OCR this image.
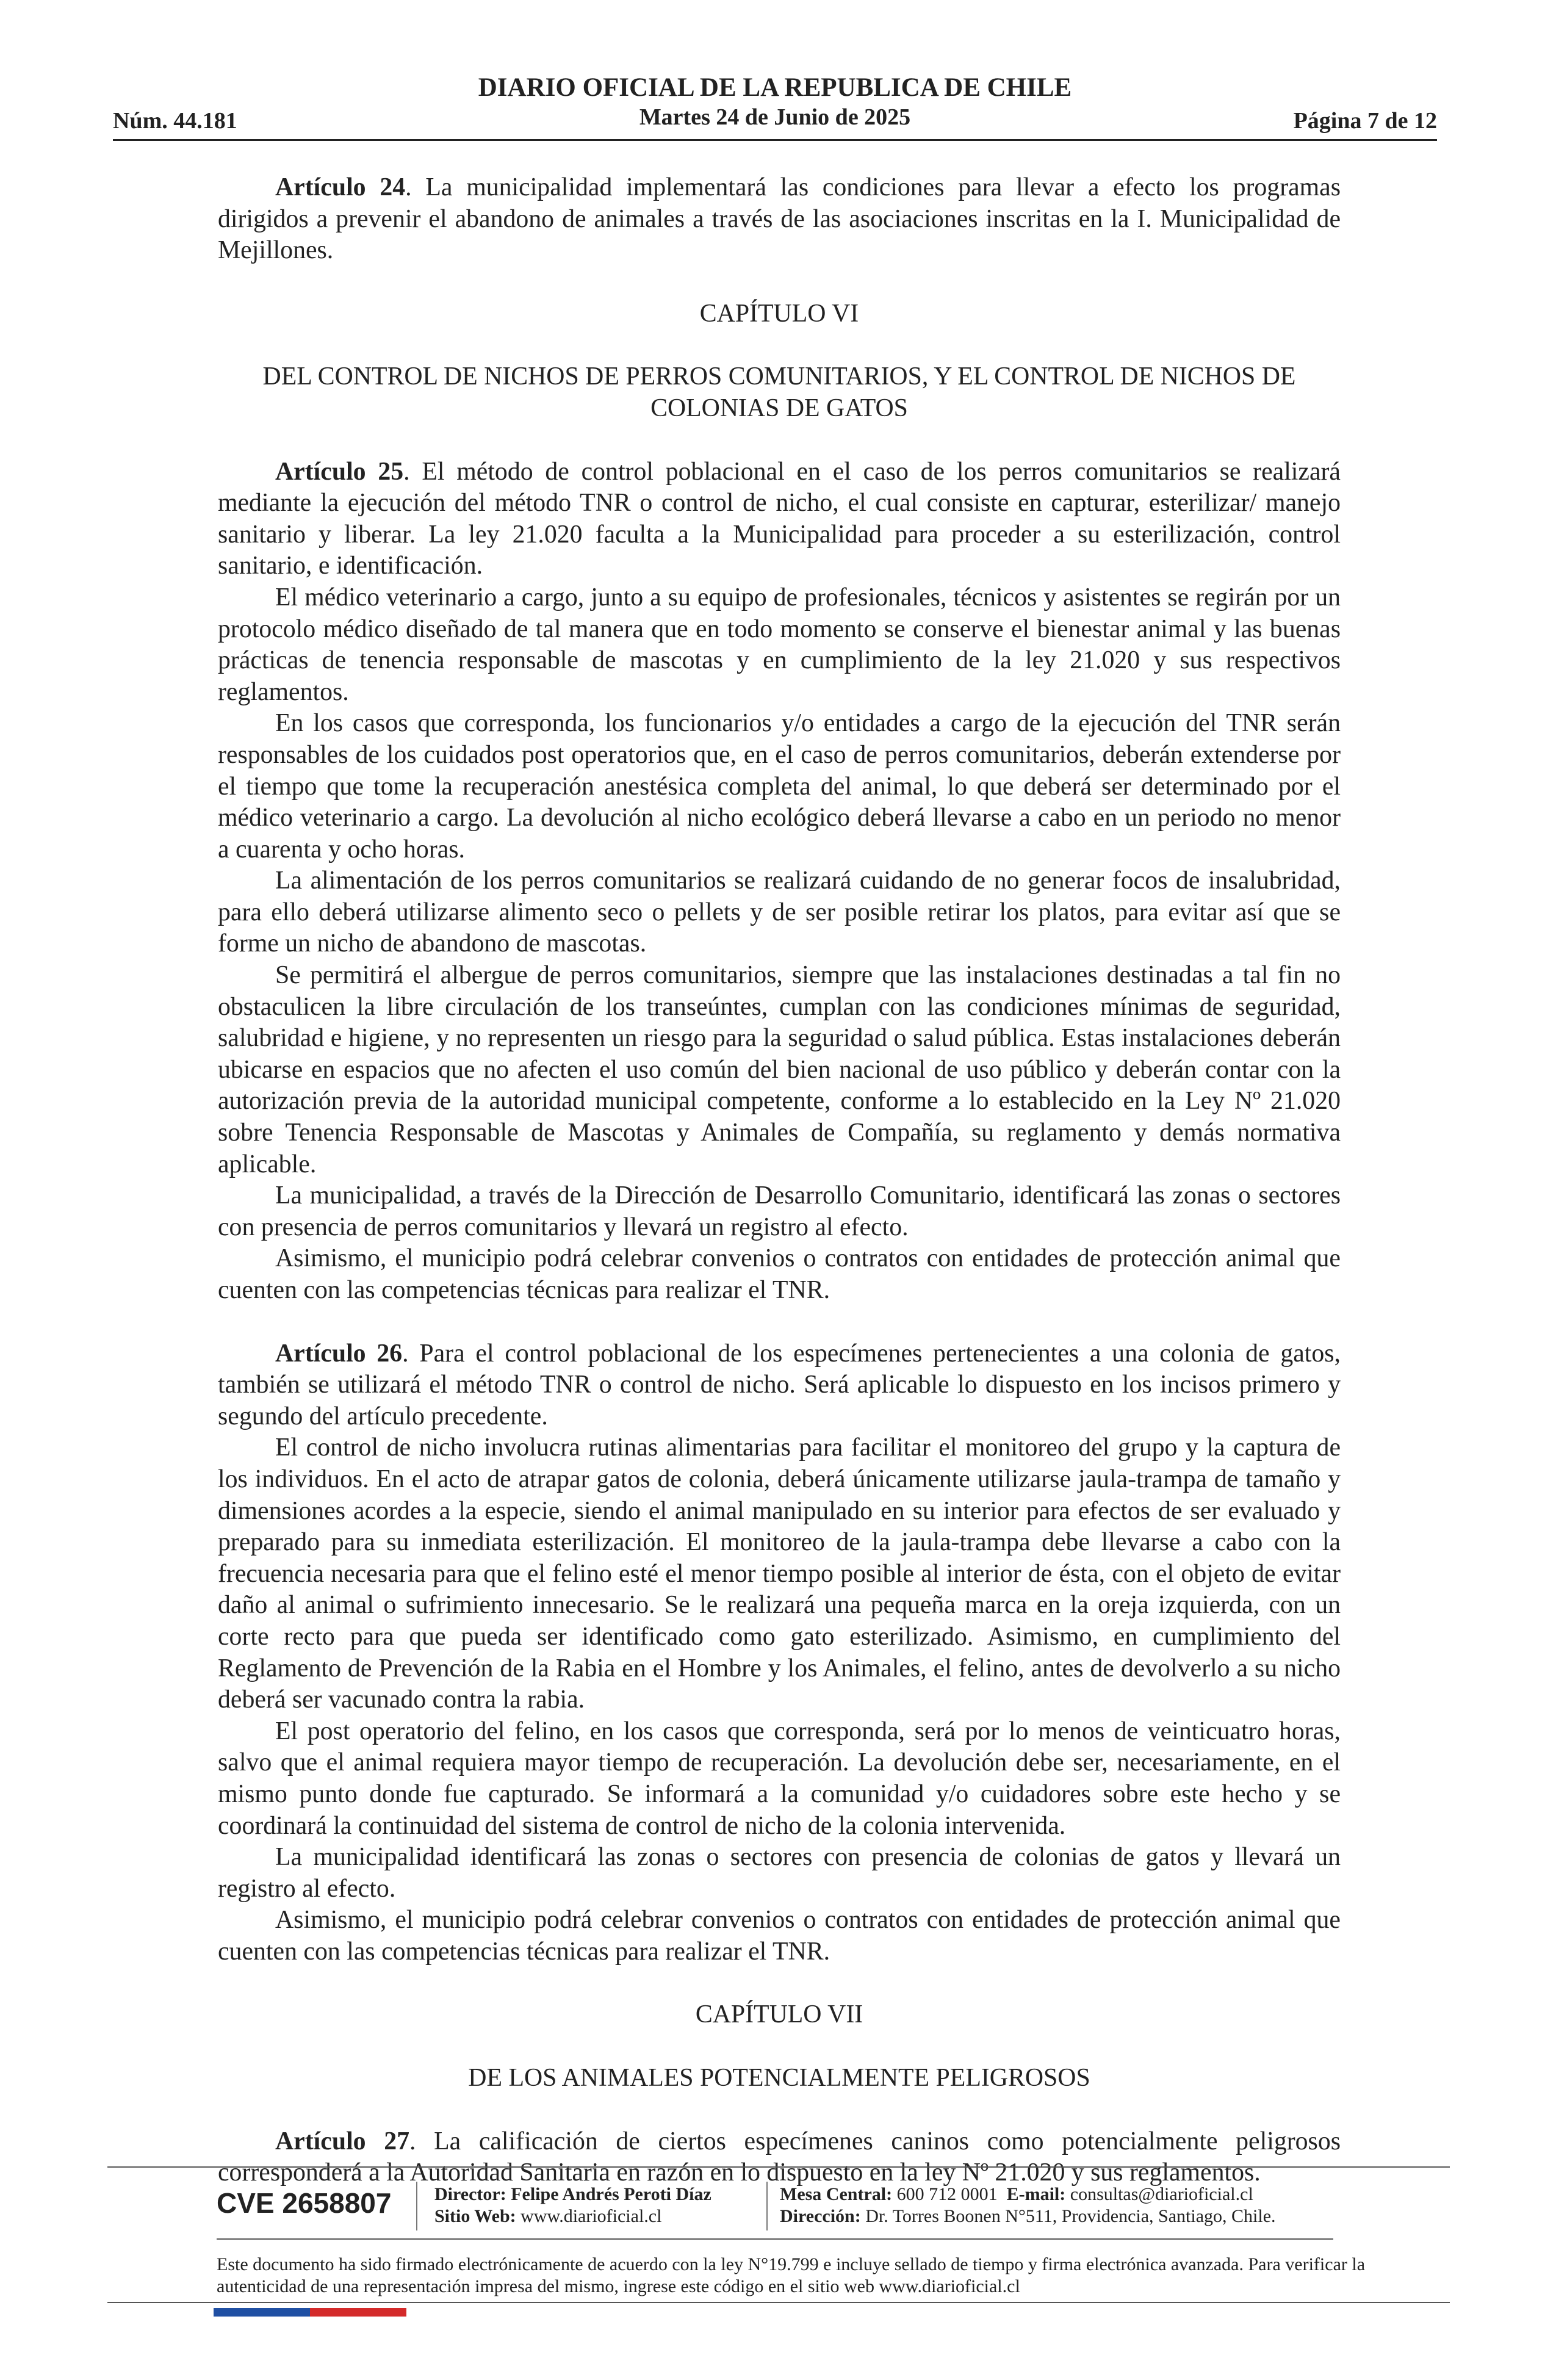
Núm. 44.181
DIARIO OFICIAL DE LA REPUBLICA DE CHILE
Martes 24 de Junio de 2025	Página 7 de 12

Artículo 24. La municipalidad implementará las condiciones para llevar a efecto los programas dirigidos a prevenir el abandono de animales a través de las asociaciones inscritas en la I. Municipalidad de Mejillones.

CAPÍTULO VI

DEL CONTROL DE NICHOS DE PERROS COMUNITARIOS, Y EL CONTROL DE NICHOS DE COLONIAS DE GATOS

Artículo 25. El método de control poblacional en el caso de los perros comunitarios se realizará mediante la ejecución del método TNR o control de nicho, el cual consiste en capturar, esterilizar/ manejo sanitario y liberar. La ley 21.020 faculta a la Municipalidad para proceder a su esterilización, control sanitario, e identificación.

El médico veterinario a cargo, junto a su equipo de profesionales, técnicos y asistentes se regirán por un protocolo médico diseñado de tal manera que en todo momento se conserve el bienestar animal y las buenas prácticas de tenencia responsable de mascotas y en cumplimiento de la ley 21.020 y sus respectivos reglamentos.

En los casos que corresponda, los funcionarios y/o entidades a cargo de la ejecución del TNR serán responsables de los cuidados post operatorios que, en el caso de perros comunitarios, deberán extenderse por el tiempo que tome la recuperación anestésica completa del animal, lo que deberá ser determinado por el médico veterinario a cargo. La devolución al nicho ecológico deberá llevarse a cabo en un periodo no menor a cuarenta y ocho horas.

La alimentación de los perros comunitarios se realizará cuidando de no generar focos de insalubridad, para ello deberá utilizarse alimento seco o pellets y de ser posible retirar los platos, para evitar así que se forme un nicho de abandono de mascotas.

Se permitirá el albergue de perros comunitarios, siempre que las instalaciones destinadas a tal fin no obstaculicen la libre circulación de los transeúntes, cumplan con las condiciones mínimas de seguridad, salubridad e higiene, y no representen un riesgo para la seguridad o salud pública. Estas instalaciones deberán ubicarse en espacios que no afecten el uso común del bien nacional de uso público y deberán contar con la autorización previa de la autoridad municipal competente, conforme a lo establecido en la Ley Nº 21.020 sobre Tenencia Responsable de Mascotas y Animales de Compañía, su reglamento y demás normativa aplicable.

La municipalidad, a través de la Dirección de Desarrollo Comunitario, identificará las zonas o sectores con presencia de perros comunitarios y llevará un registro al efecto.

Asimismo, el municipio podrá celebrar convenios o contratos con entidades de protección animal que cuenten con las competencias técnicas para realizar el TNR.

Artículo 26. Para el control poblacional de los especímenes pertenecientes a una colonia de gatos, también se utilizará el método TNR o control de nicho. Será aplicable lo dispuesto en los incisos primero y segundo del artículo precedente.

El control de nicho involucra rutinas alimentarias para facilitar el monitoreo del grupo y la captura de los individuos. En el acto de atrapar gatos de colonia, deberá únicamente utilizarse jaula-trampa de tamaño y dimensiones acordes a la especie, siendo el animal manipulado en su interior para efectos de ser evaluado y preparado para su inmediata esterilización. El monitoreo de la jaula-trampa debe llevarse a cabo con la frecuencia necesaria para que el felino esté el menor tiempo posible al interior de ésta, con el objeto de evitar daño al animal o sufrimiento innecesario. Se le realizará una pequeña marca en la oreja izquierda, con un corte recto para que pueda ser identificado como gato esterilizado. Asimismo, en cumplimiento del Reglamento de Prevención de la Rabia en el Hombre y los Animales, el felino, antes de devolverlo a su nicho deberá ser vacunado contra la rabia.

El post operatorio del felino, en los casos que corresponda, será por lo menos de veinticuatro horas, salvo que el animal requiera mayor tiempo de recuperación. La devolución debe ser, necesariamente, en el mismo punto donde fue capturado. Se informará a la comunidad y/o cuidadores sobre este hecho y se coordinará la continuidad del sistema de control de nicho de la colonia intervenida.

La municipalidad identificará las zonas o sectores con presencia de colonias de gatos y llevará un registro al efecto.

Asimismo, el municipio podrá celebrar convenios o contratos con entidades de protección animal que cuenten con las competencias técnicas para realizar el TNR.

CAPÍTULO VII

DE LOS ANIMALES POTENCIALMENTE PELIGROSOS

Artículo 27. La calificación de ciertos especímenes caninos como potencialmente peligrosos corresponderá a la Autoridad Sanitaria en razón en lo dispuesto en la ley Nº 21.020 y sus reglamentos.

CVE 2658807 Director: Felipe Andrés Peroti Díaz
Sitio Web: www.diarioficial.cl
Mesa Central: 600 712 0001 E-mail: consultas@diarioficial.cl
Dirección: Dr. Torres Boonen N°511, Providencia, Santiago, Chile.
Este documento ha sido firmado electrónicamente de acuerdo con la ley N°19.799 e incluye sellado de tiempo y firma electrónica avanzada. Para verificar la autenticidad de una representación impresa del mismo, ingrese este código en el sitio web www.diarioficial.cl
